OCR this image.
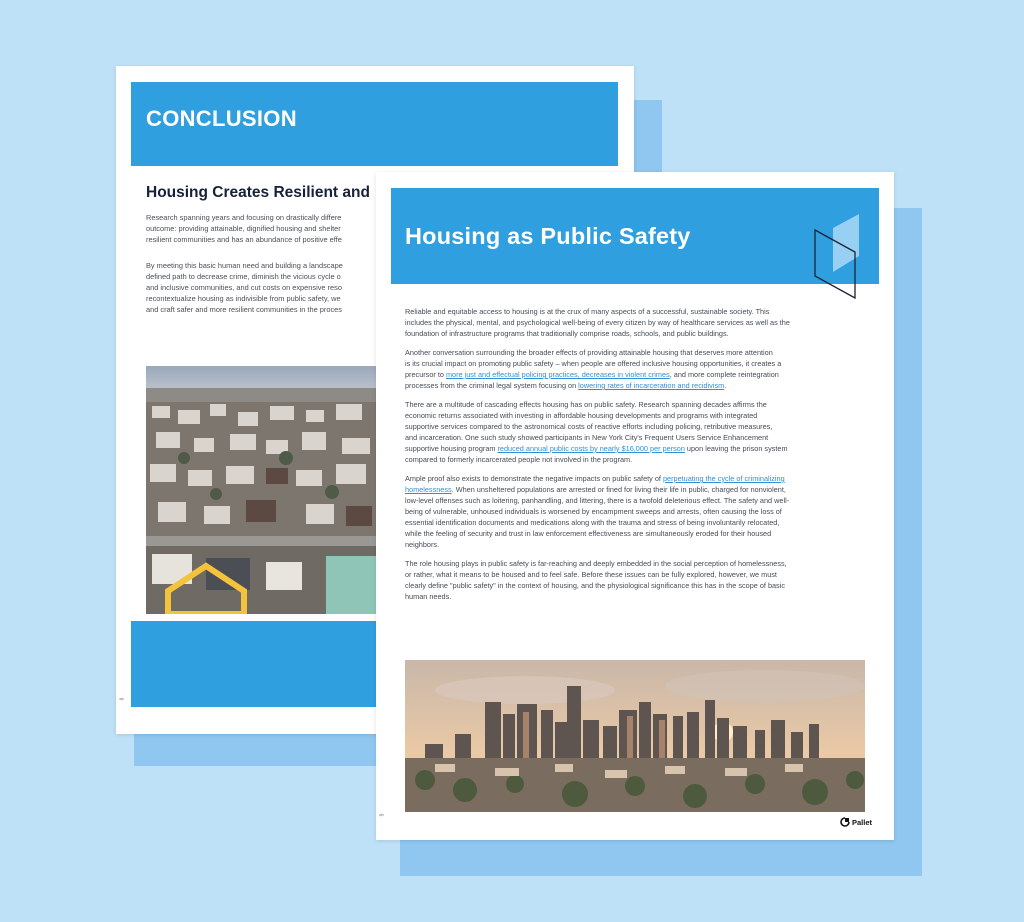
CONCLUSION
Housing Creates Resilient and
Research spanning years and focusing on drastically differe
outcome: providing attainable, dignified housing and shelter
resilient communities and has an abundance of positive effe
By meeting this basic human need and building a landscape
defined path to decrease crime, diminish the vicious cycle o
and inclusive communities, and cut costs on expensive reso
recontextualize housing as indivisible from public safety, we
and craft safer and more resilient communities in the proces
8
Housing as Public Safety

Reliable and equitable access to housing is at the crux of many aspects of a successful, sustainable society. This
includes the physical, mental, and psychological well-being of every citizen by way of healthcare services as well as the
foundation of infrastructure programs that traditionally comprise roads, schools, and public buildings.

Another conversation surrounding the broader effects of providing attainable housing that deserves more attention
is its crucial impact on promoting public safety – when people are offered inclusive housing opportunities, it creates a
precursor to more just and effectual policing practices, decreases in violent crimes, and more complete reintegration
processes from the criminal legal system focusing on lowering rates of incarceration and recidivism.

There are a multitude of cascading effects housing has on public safety. Research spanning decades affirms the
economic returns associated with investing in affordable housing developments and programs with integrated
supportive services compared to the astronomical costs of reactive efforts including policing, retributive measures,
and incarceration. One such study showed participants in New York City's Frequent Users Service Enhancement
supportive housing program reduced annual public costs by nearly $16,000 per person upon leaving the prison system
compared to formerly incarcerated people not involved in the program.

Ample proof also exists to demonstrate the negative impacts on public safety of perpetuating the cycle of criminalizing
homelessness. When unsheltered populations are arrested or fined for living their life in public, charged for nonviolent,
low-level offenses such as loitering, panhandling, and littering, there is a twofold deleterious effect. The safety and well-
being of vulnerable, unhoused individuals is worsened by encampment sweeps and arrests, often causing the loss of
essential identification documents and medications along with the trauma and stress of being involuntarily relocated,
while the feeling of security and trust in law enforcement effectiveness are simultaneously eroded for their housed
neighbors.

The role housing plays in public safety is far-reaching and deeply embedded in the social perception of homelessness,
or rather, what it means to be housed and to feel safe. Before these issues can be fully explored, however, we must
clearly define "public safety" in the context of housing, and the physiological significance this has in the scope of basic
human needs.

9
Pallet
